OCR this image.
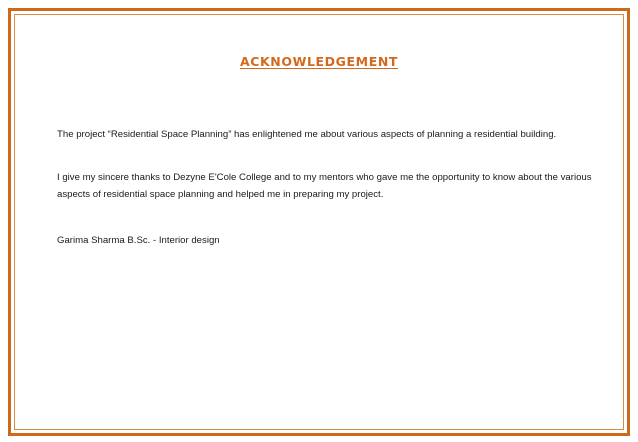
ACKNOWLEDGEMENT

The project “Residential Space Planning” has enlightened me about various aspects of planning a residential building.

I give my sincere thanks to Dezyne E'Cole College and to my mentors who gave me the opportunity to know about the various aspects of residential space planning and helped me in preparing my project.

Garima Sharma B.Sc. - Interior design
